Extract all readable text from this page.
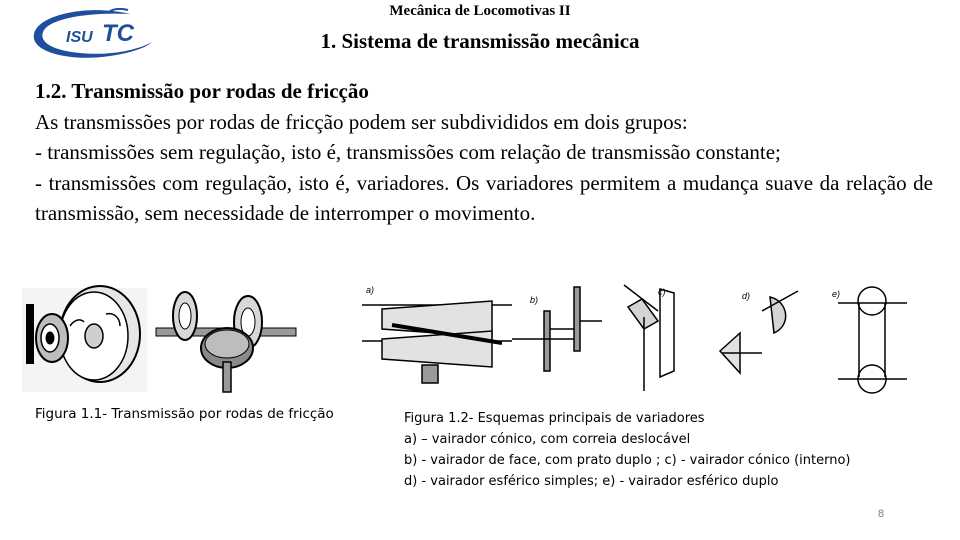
ISU TC
Mecânica de Locomotivas II
1. Sistema de transmissão mecânica

1.2. Transmissão por rodas de fricção

As transmissões por rodas de fricção podem ser subdivididos em dois grupos:

- transmissões sem regulação, isto é, transmissões com relação de transmissão constante;

- transmissões com regulação, isto é, variadores. Os variadores permitem a mudança suave da relação de transmissão, sem necessidade de interromper o movimento.

a)
b)
c)	d)	e)
Figura 1.1- Transmissão por rodas de fricção	Figura 1.2- Esquemas principais de variadores
a) – vairador cónico, com correia deslocável
b) - vairador de face, com prato duplo ; c) - vairador cónico (interno)
d) - vairador esférico simples; e) - vairador esférico duplo
8
